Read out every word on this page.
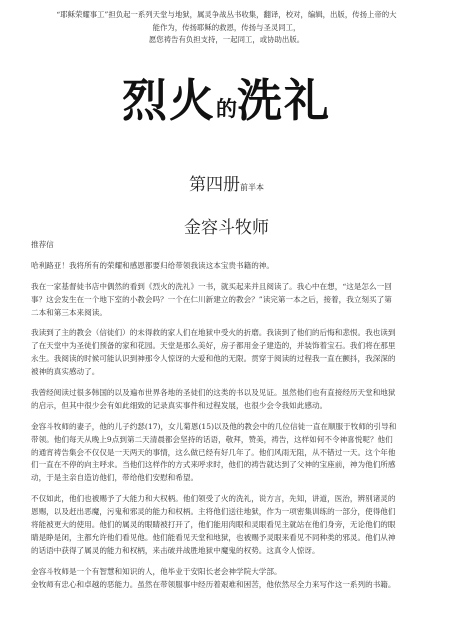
“耶稣荣耀事工”担负起一系列天堂与地狱，属灵争战丛书收集，翻译，校对，编辑，出版，传扬上帝的大
能作为，传扬耶稣的救恩，传扬与圣灵同工，
愿您祷告有负担支持，一起同工，或协助出版。
烈火的洗礼
第四册前半本
金容斗牧师
推荐信
哈利路亚！我将所有的荣耀和感恩都要归给带领我读这本宝贵书籍的神。
我在一家基督徒书店中偶然的看到《烈火的洗礼》一书，就买起来并且阅读了。我心中在想，“这是怎么一回
事？这会发生在一个地下室的小教会吗？一个在仁川新建立的教会？”读完第一本之后，接着，我立刻买了第
二本和第三本来阅读。
我读到了主的教会（信徒们）的未得救的家人们在地狱中受火的折磨。我读到了他们的后悔和悲恨。我也读到
了在天堂中为圣徒们预备的家和花园。天堂是那么美好，房子都用金子建造的，并装饰着宝石。我们将在那里
永生。我阅读的时候可能认识到神那令人惊讶的大爱和他的无限。贯穿于阅读的过程我一直在颤抖，我深深的
被神的真实感动了。
我曾经阅读过很多韩国的以及遍布世界各地的圣徒们的这类的书以及见证。虽然他们也有直接经历天堂和地狱
的启示，但其中很少会有如此细致的记录真实事件和过程发展，也很少会令我如此感动。
金容斗牧师的妻子，他的儿子约瑟(17)，女儿菊恩(15)以及他的教会中的几位信徒一直在顺服于牧师的引导和
带领。他们每天从晚上9点到第二天清晨都会坚持的话语，敬拜，赞美，祷告，这样如何不令神喜悦呢？他们
的通宵祷告集会不仅仅是一天两天的事情，这么做已经有好几年了。他们风雨无阻，从不错过一天。这个年他
们一直在不停的向主呼求。当他们这样作的方式来呼求时，他们的祷告就达到了父神的宝座前，神为他们所感
动，于是主亲自造访他们，带给他们安慰和希望。
不仅如此，他们也被赐予了大能力和大权柄。他们领受了火的洗礼，说方言，先知，讲道，医治，辨别诸灵的
恩赐，以及赶出恶魔，污鬼和邪灵的能力和权柄。主将他们送往地狱，作为一项密集训练的一部分，使得他们
将能被更大的使用。他们的属灵的眼睛被打开了，他们能用肉眼和灵眼看见主就站在他们身旁，无论他们的眼
睛是睁是闭，主都允许他们看见他。他们能看见天堂和地狱，也被赐予灵眼来看见不同种类的邪灵。他们从神
的话语中获得了属灵的能力和权柄，来击破并战胜地狱中魔鬼的权势。这真令人惊讶。
金容斗牧师是一个有智慧和知识的人，他毕业于安阳长老会神学院大学部。
金牧师有忠心和卓越的恶能力。虽然在带领服事中经历着艰难和困苦，他依然尽全力来写作这一系列的书籍。
